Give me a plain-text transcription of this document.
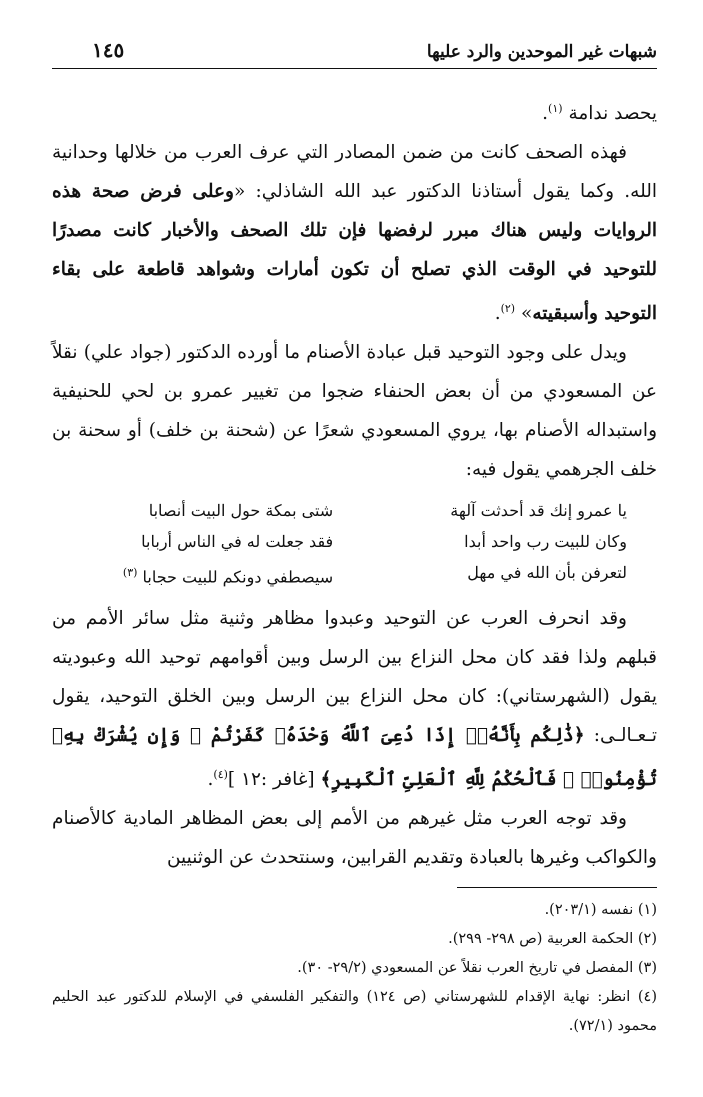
شبهات غير الموحدين والرد عليها
١٤٥

يحصد ندامة $^{(١)}$.

فهذه الصحف كانت من ضمن المصادر التي عرف العرب من خلالها وحدانية الله. وكما يقول أستاذنا الدكتور عبد الله الشاذلي: «وعلى فرض صحة هذه الروايات وليس هناك مبرر لرفضها فإن تلك الصحف والأخبار كانت مصدرًا للتوحيد في الوقت الذي تصلح أن تكون أمارات وشواهد قاطعة على بقاء التوحيد وأسبقيته» $^{(٢)}$.

ويدل على وجود التوحيد قبل عبادة الأصنام ما أورده الدكتور (جواد علي) نقلاً عن المسعودي من أن بعض الحنفاء ضجوا من تغيير عمرو بن لحي للحنيفية واستبداله الأصنام بها، يروي المسعودي شعرًا عن (شحنة بن خلف) أو سحنة بن خلف الجرهمي يقول فيه:

يا عمرو إنك قد أحدثت آلهة
شتى بمكة حول البيت أنصابا
وكان للبيت رب واحد أبدا
فقد جعلت له في الناس أربابا
لتعرفن بأن الله في مهل
سيصطفي دونكم للبيت حجابا $^{(٣)}$

وقد انحرف العرب عن التوحيد وعبدوا مظاهر وثنية مثل سائر الأمم من قبلهم ولذا فقد كان محل النزاع بين الرسل وبين أقوامهم توحيد الله وعبوديته يقول (الشهرستاني): كان محل النزاع بين الرسل وبين الخلق التوحيد، يقول تـعـالـى: ﴿ذَٰلِكُم بِأَنَّهُۥٓ إِذَا دُعِىَ ٱللَّهُ وَحْدَهُۥ كَفَرْتُمْ ۖ وَإِن يُشْرَكْ بِهِۦ تُؤْمِنُوا۟ ۚ فَٱلْحُكْمُ لِلَّهِ ٱلْعَلِىِّ ٱلْكَبِيرِ﴾ [غافر :١٢ ]$^{(٤)}$.

وقد توجه العرب مثل غيرهم من الأمم إلى بعض المظاهر المادية كالأصنام والكواكب وغيرها بالعبادة وتقديم القرابين، وسنتحدث عن الوثنيين

(١) نفسه (٢٠٣/١).

(٢) الحكمة العربية (ص ٢٩٨- ٢٩٩).

(٣) المفصل في تاريخ العرب نقلاً عن المسعودي (٢٩/٢- ٣٠).

(٤) انظر: نهاية الإقدام للشهرستاني (ص ١٢٤) والتفكير الفلسفي في الإسلام للدكتور عبد الحليم محمود (٧٢/١).
